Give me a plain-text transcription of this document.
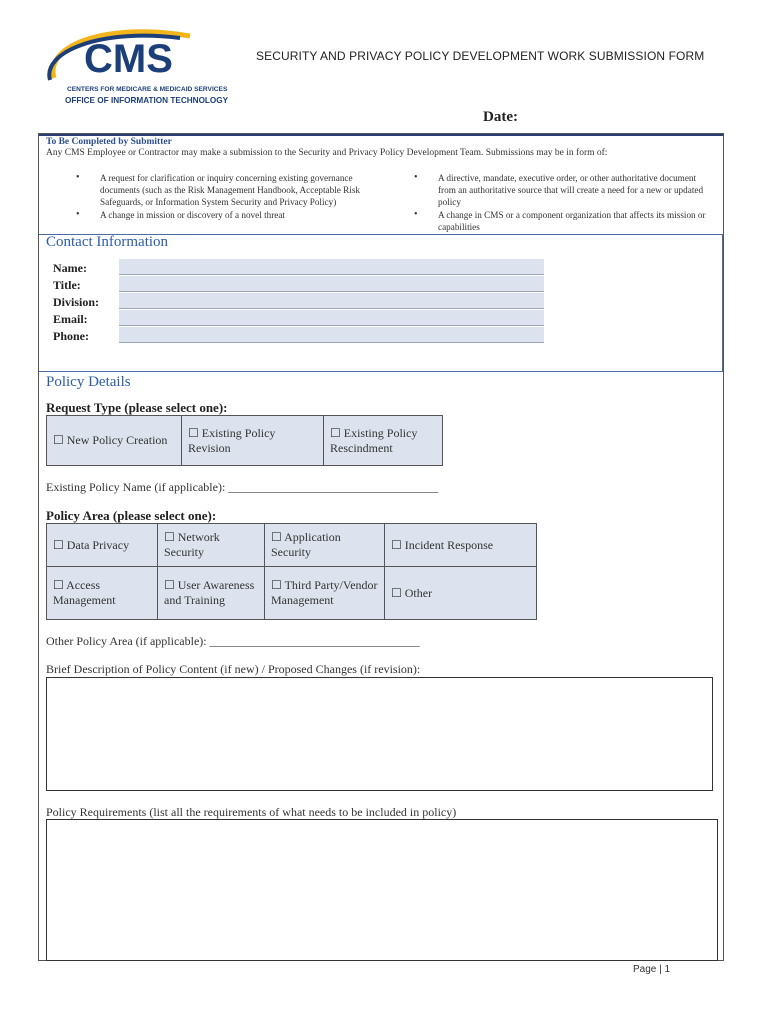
CMS
CENTERS FOR MEDICARE & MEDICAID SERVICES
OFFICE OF INFORMATION TECHNOLOGY
SECURITY AND PRIVACY POLICY DEVELOPMENT WORK SUBMISSION FORM
Date:
To Be Completed by Submitter
Any CMS Employee or Contractor may make a submission to the Security and Privacy Policy Development Team. Submissions may be in form of:
• A request for clarification or inquiry concerning existing governance documents (such as the Risk Management Handbook, Acceptable Risk Safeguards, or Information System Security and Privacy Policy)
• A change in mission or discovery of a novel threat
• A directive, mandate, executive order, or other authoritative document from an authoritative source that will create a need for a new or updated policy
• A change in CMS or a component organization that affects its mission or capabilities
Contact Information
Name:
Title:
Division:
Email:
Phone:
Policy Details
Request Type (please select one):
☐ New Policy Creation	☐ Existing Policy Revision	☐ Existing Policy Rescindment
Existing Policy Name (if applicable): ___________________________________
Policy Area (please select one):
☐ Data Privacy	☐ Network Security	☐ Application Security	☐ Incident Response
☐ Access Management	☐ User Awareness and Training	☐ Third Party/Vendor Management	☐ Other
Other Policy Area (if applicable): ___________________________________
Brief Description of Policy Content (if new) / Proposed Changes (if revision):
Policy Requirements (list all the requirements of what needs to be included in policy)
Page | 1
